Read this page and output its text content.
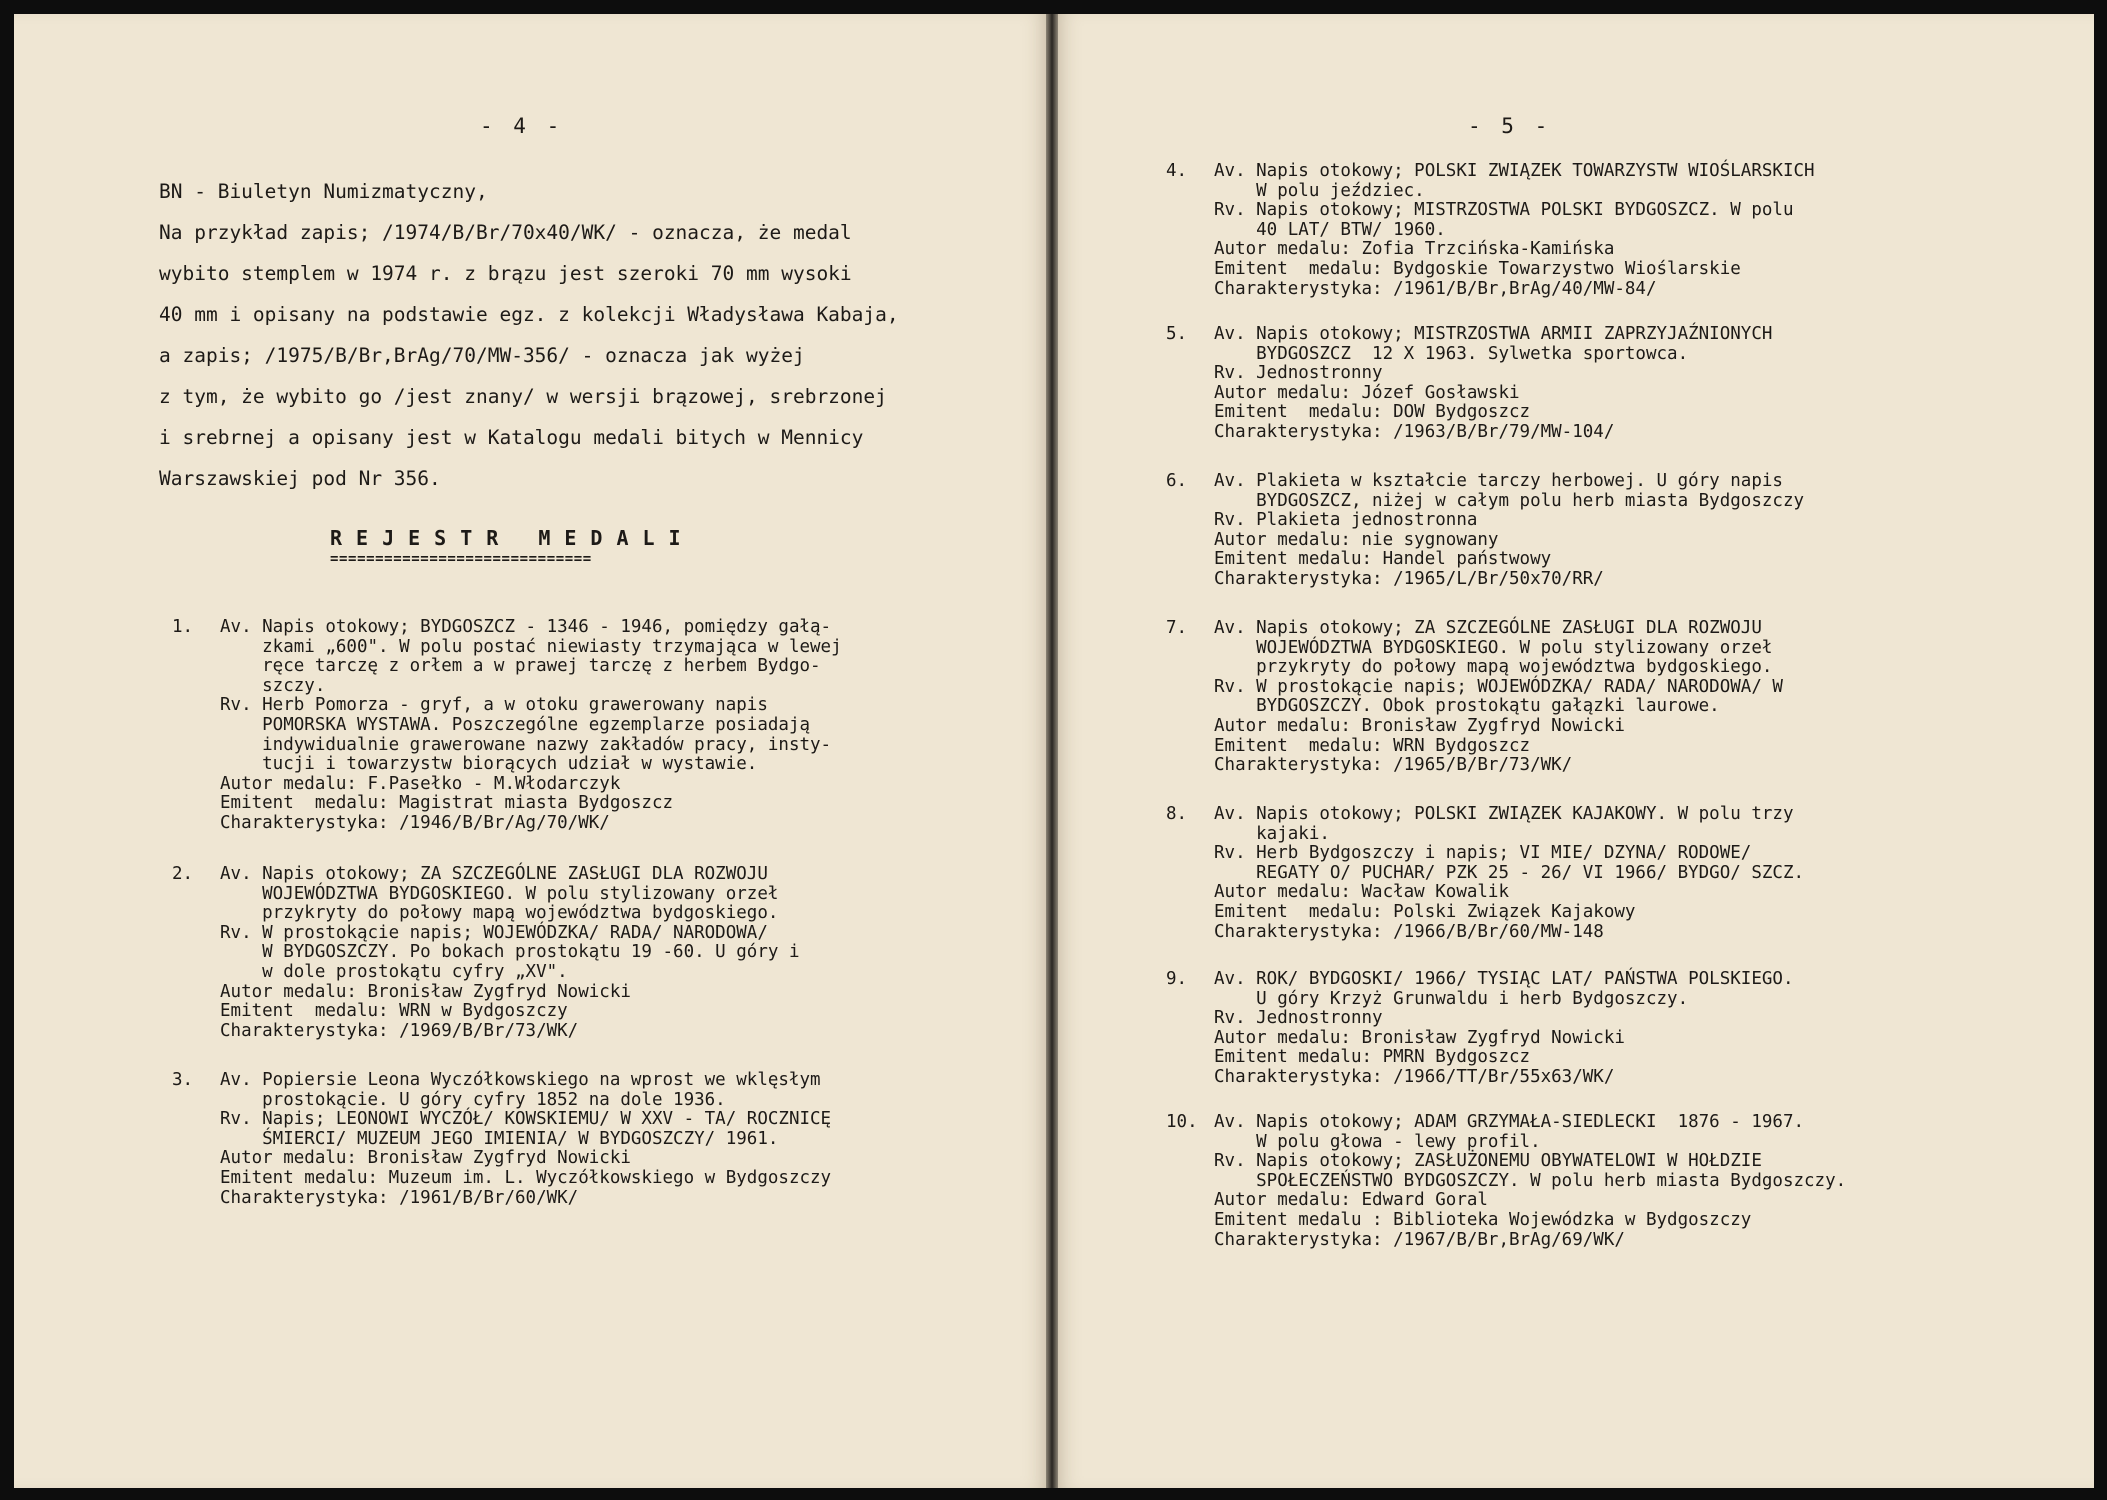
- 4 -
BN - Biuletyn Numizmatyczny,
Na przykład zapis; /1974/B/Br/70x40/WK/ - oznacza, że medal
wybito stemplem w 1974 r. z brązu jest szeroki 70 mm wysoki
40 mm i opisany na podstawie egz. z kolekcji Władysława Kabaja,
a zapis; /1975/B/Br,BrAg/70/MW-356/ - oznacza jak wyżej
z tym, że wybito go /jest znany/ w wersji brązowej, srebrzonej
i srebrnej a opisany jest w Katalogu medali bitych w Mennicy
Warszawskiej pod Nr 356.
REJESTR MEDALI
=============================
- 5 -
1. Av. Napis otokowy; BYDGOSZCZ - 1346 - 1946, pomiędzy gałą-
zkami „600". W polu postać niewiasty trzymająca w lewej
ręce tarczę z orłem a w prawej tarczę z herbem Bydgo-
szczy.
Rv. Herb Pomorza - gryf, a w otoku grawerowany napis
POMORSKA WYSTAWA. Poszczególne egzemplarze posiadają
indywidualnie grawerowane nazwy zakładów pracy, insty-
tucji i towarzystw biorących udział w wystawie.
Autor medalu: F.Pasełko - M.Włodarczyk
Emitent  medalu: Magistrat miasta Bydgoszcz
Charakterystyka: /1946/B/Br/Ag/70/WK/
2. Av. Napis otokowy; ZA SZCZEGÓLNE ZASŁUGI DLA ROZWOJU
WOJEWÓDZTWA BYDGOSKIEGO. W polu stylizowany orzeł
przykryty do połowy mapą województwa bydgoskiego.
Rv. W prostokącie napis; WOJEWÓDZKA/ RADA/ NARODOWA/
W BYDGOSZCZY. Po bokach prostokątu 19 -60. U góry i
w dole prostokątu cyfry „XV".
Autor medalu: Bronisław Zygfryd Nowicki
Emitent  medalu: WRN w Bydgoszczy
Charakterystyka: /1969/B/Br/73/WK/
3. Av. Popiersie Leona Wyczółkowskiego na wprost we wklęsłym
prostokącie. U góry cyfry 1852 na dole 1936.
Rv. Napis; LEONOWI WYCZÓŁ/ KOWSKIEMU/ W XXV - TA/ ROCZNICĘ
ŚMIERCI/ MUZEUM JEGO IMIENIA/ W BYDGOSZCZY/ 1961.
Autor medalu: Bronisław Zygfryd Nowicki
Emitent medalu: Muzeum im. L. Wyczółkowskiego w Bydgoszczy
Charakterystyka: /1961/B/Br/60/WK/
4. Av. Napis otokowy; POLSKI ZWIĄZEK TOWARZYSTW WIOŚLARSKICH
W polu jeździec.
Rv. Napis otokowy; MISTRZOSTWA POLSKI BYDGOSZCZ. W polu
40 LAT/ BTW/ 1960.
Autor medalu: Zofia Trzcińska-Kamińska
Emitent  medalu: Bydgoskie Towarzystwo Wioślarskie
Charakterystyka: /1961/B/Br,BrAg/40/MW-84/
5. Av. Napis otokowy; MISTRZOSTWA ARMII ZAPRZYJAŹNIONYCH
BYDGOSZCZ  12 X 1963. Sylwetka sportowca.
Rv. Jednostronny
Autor medalu: Józef Gosławski
Emitent  medalu: DOW Bydgoszcz
Charakterystyka: /1963/B/Br/79/MW-104/
6. Av. Plakieta w kształcie tarczy herbowej. U góry napis
BYDGOSZCZ, niżej w całym polu herb miasta Bydgoszczy
Rv. Plakieta jednostronna
Autor medalu: nie sygnowany
Emitent medalu: Handel państwowy
Charakterystyka: /1965/L/Br/50x70/RR/
7. Av. Napis otokowy; ZA SZCZEGÓLNE ZASŁUGI DLA ROZWOJU
WOJEWÓDZTWA BYDGOSKIEGO. W polu stylizowany orzeł
przykryty do połowy mapą województwa bydgoskiego.
Rv. W prostokącie napis; WOJEWÓDZKA/ RADA/ NARODOWA/ W
BYDGOSZCZY. Obok prostokątu gałązki laurowe.
Autor medalu: Bronisław Zygfryd Nowicki
Emitent  medalu: WRN Bydgoszcz
Charakterystyka: /1965/B/Br/73/WK/
8. Av. Napis otokowy; POLSKI ZWIĄZEK KAJAKOWY. W polu trzy
kajaki.
Rv. Herb Bydgoszczy i napis; VI MIE/ DZYNA/ RODOWE/
REGATY O/ PUCHAR/ PZK 25 - 26/ VI 1966/ BYDGO/ SZCZ.
Autor medalu: Wacław Kowalik
Emitent  medalu: Polski Związek Kajakowy
Charakterystyka: /1966/B/Br/60/MW-148
9. Av. ROK/ BYDGOSKI/ 1966/ TYSIĄC LAT/ PAŃSTWA POLSKIEGO.
U góry Krzyż Grunwaldu i herb Bydgoszczy.
Rv. Jednostronny
Autor medalu: Bronisław Zygfryd Nowicki
Emitent medalu: PMRN Bydgoszcz
Charakterystyka: /1966/TT/Br/55x63/WK/
10. Av. Napis otokowy; ADAM GRZYMAŁA-SIEDLECKI  1876 - 1967.
W polu głowa - lewy profil.
Rv. Napis otokowy; ZASŁUŻONEMU OBYWATELOWI W HOŁDZIE
SPOŁECZEŃSTWO BYDGOSZCZY. W polu herb miasta Bydgoszczy.
Autor medalu: Edward Goral
Emitent medalu : Biblioteka Wojewódzka w Bydgoszczy
Charakterystyka: /1967/B/Br,BrAg/69/WK/
